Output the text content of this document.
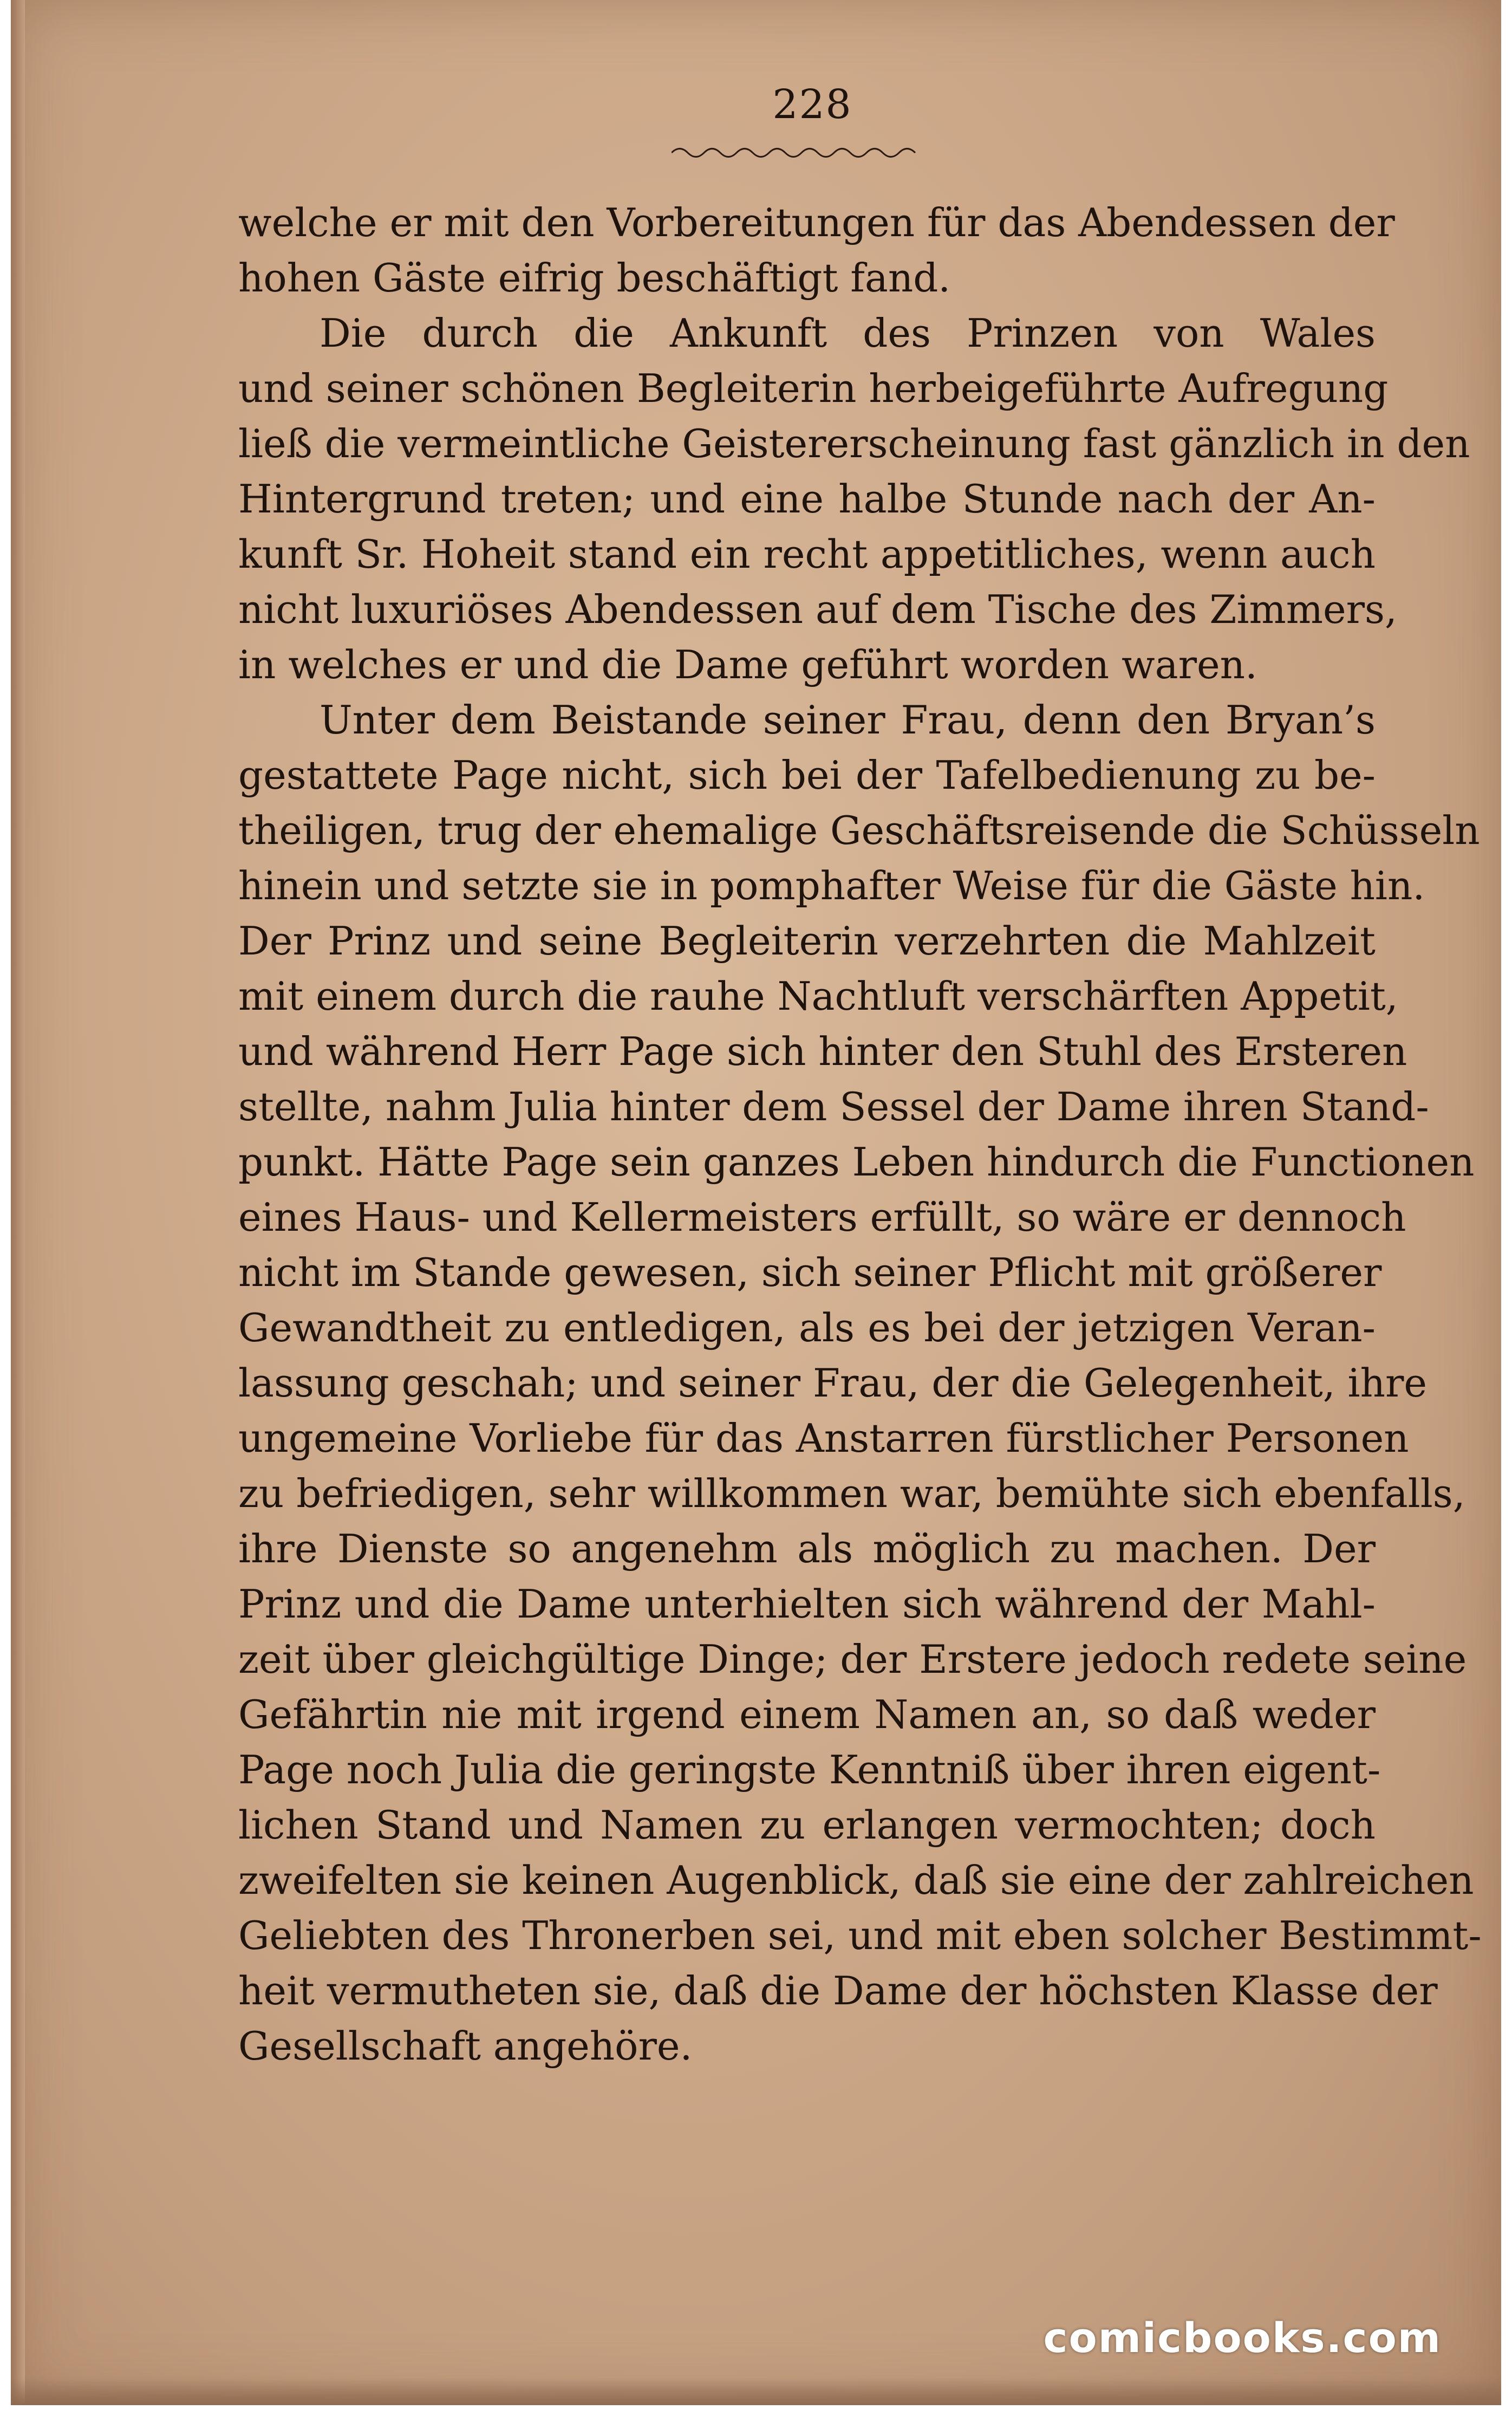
228
welche er mit den Vorbereitungen für das Abendessen der
hohen Gäste eifrig beschäftigt fand.
Die durch die Ankunft des Prinzen von Wales
und seiner schönen Begleiterin herbeigeführte Aufregung
ließ die vermeintliche Geistererscheinung fast gänzlich in den
Hintergrund treten; und eine halbe Stunde nach der An-
kunft Sr. Hoheit stand ein recht appetitliches, wenn auch
nicht luxuriöses Abendessen auf dem Tische des Zimmers,
in welches er und die Dame geführt worden waren.
Unter dem Beistande seiner Frau, denn den Bryan’s
gestattete Page nicht, sich bei der Tafelbedienung zu be-
theiligen, trug der ehemalige Geschäftsreisende die Schüsseln
hinein und setzte sie in pomphafter Weise für die Gäste hin.
Der Prinz und seine Begleiterin verzehrten die Mahlzeit
mit einem durch die rauhe Nachtluft verschärften Appetit,
und während Herr Page sich hinter den Stuhl des Ersteren
stellte, nahm Julia hinter dem Sessel der Dame ihren Stand-
punkt. Hätte Page sein ganzes Leben hindurch die Functionen
eines Haus- und Kellermeisters erfüllt, so wäre er dennoch
nicht im Stande gewesen, sich seiner Pflicht mit größerer
Gewandtheit zu entledigen, als es bei der jetzigen Veran-
lassung geschah; und seiner Frau, der die Gelegenheit, ihre
ungemeine Vorliebe für das Anstarren fürstlicher Personen
zu befriedigen, sehr willkommen war, bemühte sich ebenfalls,
ihre Dienste so angenehm als möglich zu machen. Der
Prinz und die Dame unterhielten sich während der Mahl-
zeit über gleichgültige Dinge; der Erstere jedoch redete seine
Gefährtin nie mit irgend einem Namen an, so daß weder
Page noch Julia die geringste Kenntniß über ihren eigent-
lichen Stand und Namen zu erlangen vermochten; doch
zweifelten sie keinen Augenblick, daß sie eine der zahlreichen
Geliebten des Thronerben sei, und mit eben solcher Bestimmt-
heit vermutheten sie, daß die Dame der höchsten Klasse der
Gesellschaft angehöre.
comicbooks.com
